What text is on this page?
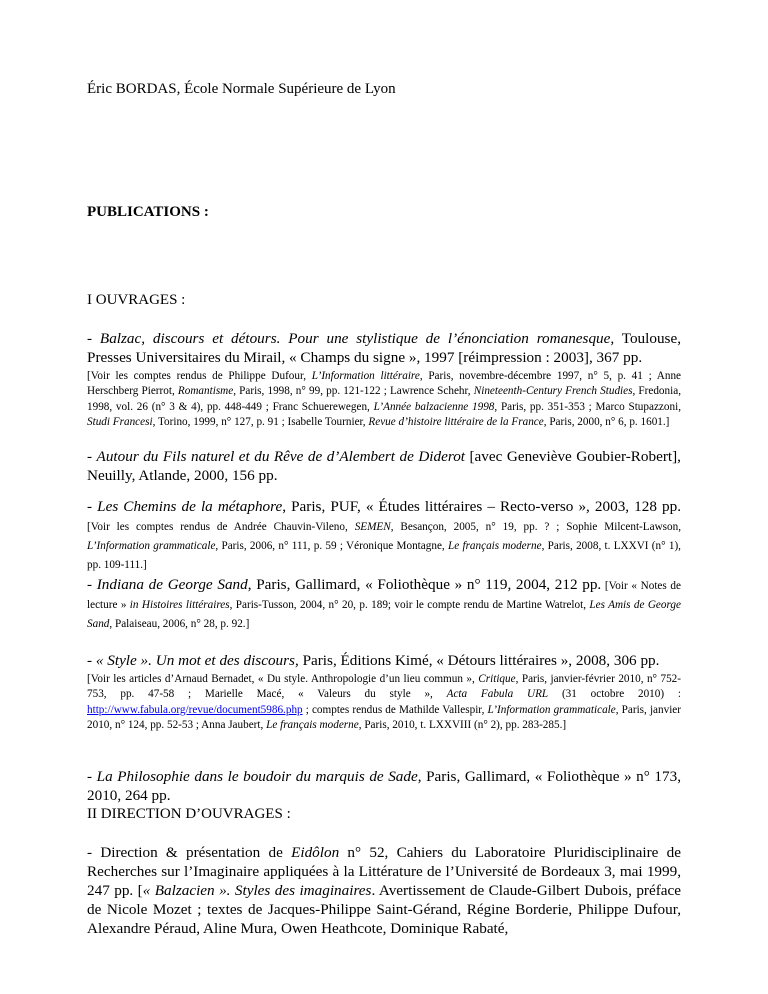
Éric BORDAS, École Normale Supérieure de Lyon
PUBLICATIONS :
I OUVRAGES :

- Balzac, discours et détours. Pour une stylistique de l’énonciation romanesque, Toulouse, Presses Universitaires du Mirail, « Champs du signe », 1997 [réimpression : 2003], 367 pp.
[Voir les comptes rendus de Philippe Dufour, L’Information littéraire, Paris, novembre-décembre 1997, n° 5, p. 41 ; Anne Herschberg Pierrot, Romantisme, Paris, 1998, n° 99, pp. 121-122 ; Lawrence Schehr, Nineteenth-Century French Studies, Fredonia, 1998, vol. 26 (n° 3 & 4), pp. 448-449 ; Franc Schuerewegen, L’Année balzacienne 1998, Paris, pp. 351-353 ; Marco Stupazzoni, Studi Francesi, Torino, 1999, n° 127, p. 91 ; Isabelle Tournier, Revue d’histoire littéraire de la France, Paris, 2000, n° 6, p. 1601.]

- Autour du Fils naturel et du Rêve de d’Alembert de Diderot [avec Geneviève Goubier-Robert], Neuilly, Atlande, 2000, 156 pp.

- Les Chemins de la métaphore, Paris, PUF, « Études littéraires – Recto-verso », 2003, 128 pp. [Voir les comptes rendus de Andrée Chauvin-Vileno, SEMEN, Besançon, 2005, n° 19, pp. ? ; Sophie Milcent-Lawson, L’Information grammaticale, Paris, 2006, n° 111, p. 59 ; Véronique Montagne, Le français moderne, Paris, 2008, t. LXXVI (n° 1), pp. 109-111.]

- Indiana de George Sand, Paris, Gallimard, « Foliothèque » n° 119, 2004, 212 pp. [Voir « Notes de lecture » in Histoires littéraires, Paris-Tusson, 2004, n° 20, p. 189; voir le compte rendu de Martine Watrelot, Les Amis de George Sand, Palaiseau, 2006, n° 28, p. 92.]

- « Style ». Un mot et des discours, Paris, Éditions Kimé, « Détours littéraires », 2008, 306 pp.
[Voir les articles d’Arnaud Bernadet, « Du style. Anthropologie d’un lieu commun », Critique, Paris, janvier-février 2010, n° 752-753, pp. 47-58 ; Marielle Macé, « Valeurs du style », Acta Fabula URL (31 octobre 2010) : http://www.fabula.org/revue/document5986.php ; comptes rendus de Mathilde Vallespir, L’Information grammaticale, Paris, janvier 2010, n° 124, pp. 52-53 ; Anna Jaubert, Le français moderne, Paris, 2010, t. LXXVIII (n° 2), pp. 283-285.]

- La Philosophie dans le boudoir du marquis de Sade, Paris, Gallimard, « Foliothèque » n° 173, 2010, 264 pp.

II DIRECTION D’OUVRAGES :

- Direction & présentation de Eidôlon n° 52, Cahiers du Laboratoire Pluridisciplinaire de Recherches sur l’Imaginaire appliquées à la Littérature de l’Université de Bordeaux 3, mai 1999, 247 pp. [« Balzacien ». Styles des imaginaires. Avertissement de Claude-Gilbert Dubois, préface de Nicole Mozet ; textes de Jacques-Philippe Saint-Gérand, Régine Borderie, Philippe Dufour, Alexandre Péraud, Aline Mura, Owen Heathcote, Dominique Rabaté,
